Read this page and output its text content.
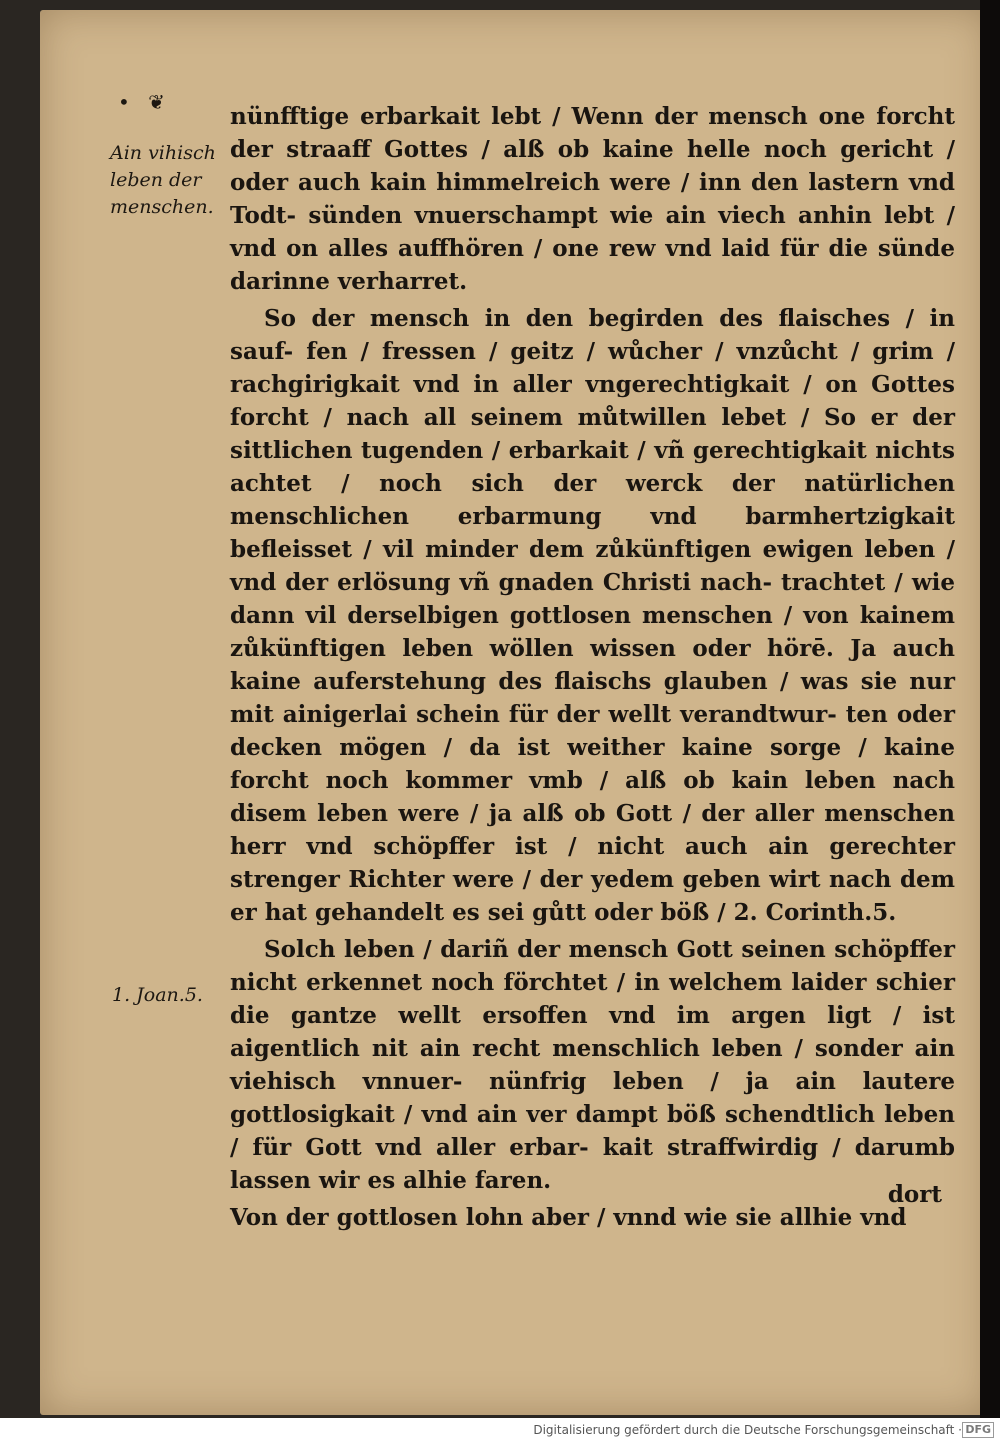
• ❦
Ain vihisch leben der menschen.
1. Joan.5.

nünfftige erbarkait lebt / Wenn der mensch one forcht der straaff Gottes / alß ob kaine helle noch gericht / oder auch kain himmelreich were / inn den lastern vnd Todt- sünden vnuerschampt wie ain viech anhin lebt / vnd on alles auffhören / one rew vnd laid für die sünde darinne verharret.

So der mensch in den begirden des flaisches / in sauf- fen / fressen / geitz / wůcher / vnzůcht / grim / rachgirigkait vnd in aller vngerechtigkait / on Gottes forcht / nach all seinem můtwillen lebet / So er der sittlichen tugenden / erbarkait / vñ gerechtigkait nichts achtet / noch sich der werck der natürlichen menschlichen erbarmung vnd barmhertzigkait befleisset / vil minder dem zůkünftigen ewigen leben / vnd der erlösung vñ gnaden Christi nach- trachtet / wie dann vil derselbigen gottlosen menschen / von kainem zůkünftigen leben wöllen wissen oder hörē. Ja auch kaine auferstehung des flaischs glauben / was sie nur mit ainigerlai schein für der wellt verandtwur- ten oder decken mögen / da ist weither kaine sorge / kaine forcht noch kommer vmb / alß ob kain leben nach disem leben were / ja alß ob Gott / der aller menschen herr vnd schöpffer ist / nicht auch ain gerechter strenger Richter were / der yedem geben wirt nach dem er hat gehandelt es sei gůtt oder böß / 2. Corinth.5.

Solch leben / dariñ der mensch Gott seinen schöpffer nicht erkennet noch förchtet / in welchem laider schier die gantze wellt ersoffen vnd im argen ligt / ist aigentlich nit ain recht menschlich leben / sonder ain viehisch vnnuer- nünfrig leben / ja ain lautere gottlosigkait / vnd ain ver dampt böß schendtlich leben / für Gott vnd aller erbar- kait straffwirdig / darumb lassen wir es alhie faren.

Von der gottlosen lohn aber / vnnd wie sie allhie vnd

dort
Digitalisierung gefördert durch die Deutsche Forschungsgemeinschaft · DFG
